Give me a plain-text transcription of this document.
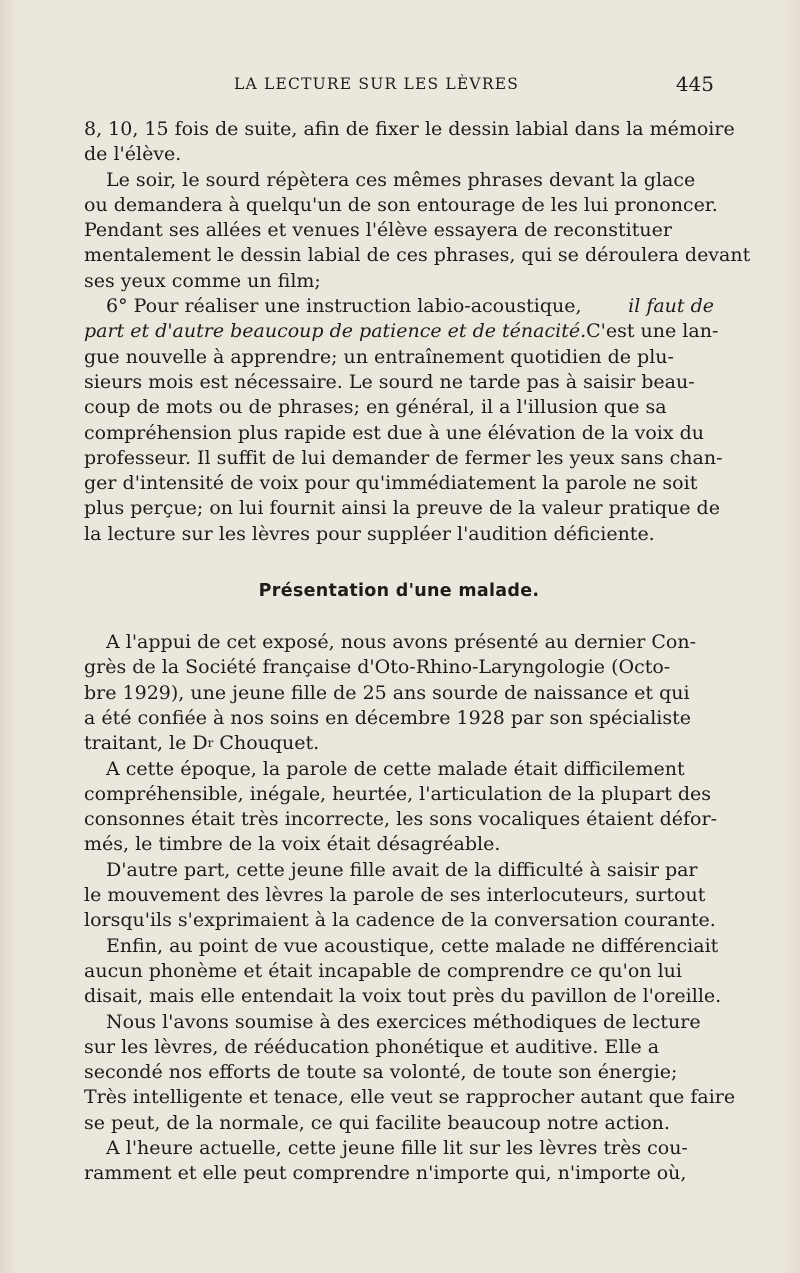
LA LECTURE SUR LES LÈVRES	445
8, 10, 15 fois de suite, afin de fixer le dessin labial dans la mémoire
de l'élève.
Le soir, le sourd répètera ces mêmes phrases devant la glace
ou demandera à quelqu'un de son entourage de les lui prononcer.
Pendant ses allées et venues l'élève essayera de reconstituer
mentalement le dessin labial de ces phrases, qui se déroulera devant
ses yeux comme un film;
6° Pour réaliser une instruction labio-acoustique, il faut de
part et d'autre beaucoup de patience et de ténacité. C'est une lan-
gue nouvelle à apprendre; un entraînement quotidien de plu-
sieurs mois est nécessaire. Le sourd ne tarde pas à saisir beau-
coup de mots ou de phrases; en général, il a l'illusion que sa
compréhension plus rapide est due à une élévation de la voix du
professeur. Il suffit de lui demander de fermer les yeux sans chan-
ger d'intensité de voix pour qu'immédiatement la parole ne soit
plus perçue; on lui fournit ainsi la preuve de la valeur pratique de
la lecture sur les lèvres pour suppléer l'audition déficiente.
Présentation d'une malade.
A l'appui de cet exposé, nous avons présenté au dernier Con-
grès de la Société française d'Oto-Rhino-Laryngologie (Octo-
bre 1929), une jeune fille de 25 ans sourde de naissance et qui
a été confiée à nos soins en décembre 1928 par son spécialiste
traitant, le D r Chouquet.
A cette époque, la parole de cette malade était difficilement
compréhensible, inégale, heurtée, l'articulation de la plupart des
consonnes était très incorrecte, les sons vocaliques étaient défor-
més, le timbre de la voix était désagréable.
D'autre part, cette jeune fille avait de la difficulté à saisir par
le mouvement des lèvres la parole de ses interlocuteurs, surtout
lorsqu'ils s'exprimaient à la cadence de la conversation courante.
Enfin, au point de vue acoustique, cette malade ne différenciait
aucun phonème et était incapable de comprendre ce qu'on lui
disait, mais elle entendait la voix tout près du pavillon de l'oreille.
Nous l'avons soumise à des exercices méthodiques de lecture
sur les lèvres, de rééducation phonétique et auditive. Elle a
secondé nos efforts de toute sa volonté, de toute son énergie;
Très intelligente et tenace, elle veut se rapprocher autant que faire
se peut, de la normale, ce qui facilite beaucoup notre action.
A l'heure actuelle, cette jeune fille lit sur les lèvres très cou-
ramment et elle peut comprendre n'importe qui, n'importe où,
